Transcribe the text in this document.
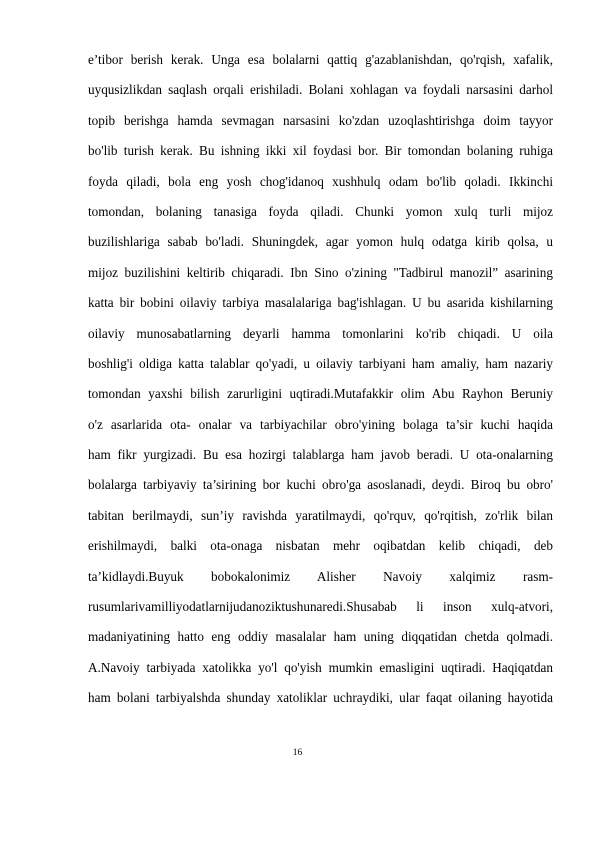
e’tibor berish kerak. Unga esa bolalarni qattiq g'azablanishdan, qo'rqish, xafalik,
uyqusizlikdan saqlash orqali erishiladi. Bolani xohlagan va foydali narsasini darhol
topib berishga hamda sevmagan narsasini ko'zdan uzoqlashtirishga doim tayyor
bo'lib turish kerak. Bu ishning ikki xil foydasi bor. Bir tomondan bolaning ruhiga
foyda qiladi, bola eng yosh chog'idanoq xushhulq odam bo'lib qoladi. Ikkinchi
tomondan, bolaning tanasiga foyda qiladi. Chunki yomon xulq turli mijoz
buzilishlariga sabab bo'ladi. Shuningdek, agar yomon hulq odatga kirib qolsa, u
mijoz buzilishini keltirib chiqaradi. Ibn Sino o'zining "Tadbirul manozil” asarining
katta bir bobini oilaviy tarbiya masalalariga bag'ishlagan. U bu asarida kishilarning
oilaviy munosabatlarning deyarli hamma tomonlarini ko'rib chiqadi. U oila
boshlig'i oldiga katta talablar qo'yadi, u oilaviy tarbiyani ham amaliy, ham nazariy
tomondan yaxshi bilish zarurligini uqtiradi.Mutafakkir olim Abu Rayhon Beruniy
o'z asarlarida ota- onalar va tarbiyachilar obro'yining bolaga ta’sir kuchi haqida
ham fikr yurgizadi. Bu esa hozirgi talablarga ham javob beradi. U ota-onalarning
bolalarga tarbiyaviy ta’sirining bor kuchi obro'ga asoslanadi, deydi. Biroq bu obro'
tabitan berilmaydi, sun’iy ravishda yaratilmaydi, qo'rquv, qo'rqitish, zo'rlik bilan
erishilmaydi, balki ota-onaga nisbatan mehr oqibatdan kelib chiqadi, deb
ta’kidlaydi.Buyuk bobokalonimiz Alisher Navoiy xalqimiz rasm-
rusumlarivamilliyodatlarnijudanoziktushunaredi.Shusabab li inson xulq-atvori,
madaniyatining hatto eng oddiy masalalar ham uning diqqatidan chetda qolmadi.
A.Navoiy tarbiyada xatolikka yo'l qo'yish mumkin emasligini uqtiradi. Haqiqatdan
ham bolani tarbiyalshda shunday xatoliklar uchraydiki, ular faqat oilaning hayotida
16
